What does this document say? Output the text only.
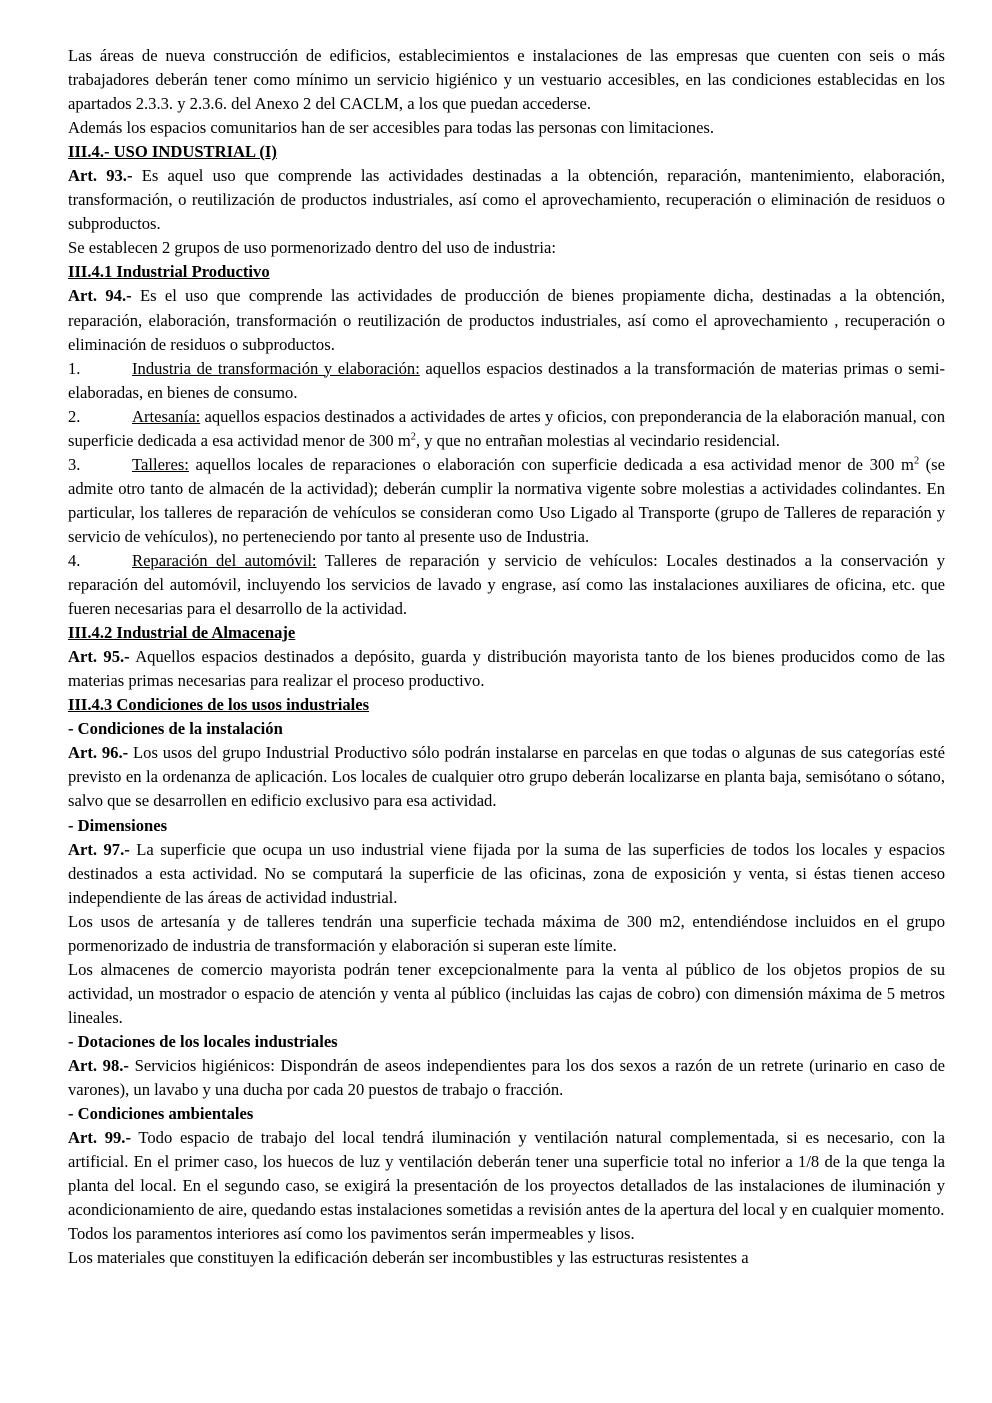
Las áreas de nueva construcción de edificios, establecimientos e instalaciones de las empresas que cuenten con seis o más trabajadores deberán tener como mínimo un servicio higiénico y un vestuario accesibles, en las condiciones establecidas en los apartados 2.3.3. y 2.3.6. del Anexo 2 del CACLM, a los que puedan accederse.

Además los espacios comunitarios han de ser accesibles para todas las personas con limitaciones.

III.4.- USO INDUSTRIAL (I)

Art. 93.- Es aquel uso que comprende las actividades destinadas a la obtención, reparación, mantenimiento, elaboración, transformación, o reutilización de productos industriales, así como el aprovechamiento, recuperación o eliminación de residuos o subproductos.

Se establecen 2 grupos de uso pormenorizado dentro del uso de industria:

III.4.1 Industrial Productivo

Art. 94.- Es el uso que comprende las actividades de producción de bienes propiamente dicha, destinadas a la obtención, reparación, elaboración, transformación o reutilización de productos industriales, así como el aprovechamiento , recuperación o eliminación de residuos o subproductos.

1.	Industria de transformación y elaboración: aquellos espacios destinados a la transformación de materias primas o semi-elaboradas, en bienes de consumo.

2.	Artesanía: aquellos espacios destinados a actividades de artes y oficios, con preponderancia de la elaboración manual, con superficie dedicada a esa actividad menor de 300 $m^2$, y que no entrañan molestias al vecindario residencial.

3.	Talleres: aquellos locales de reparaciones o elaboración con superficie dedicada a esa actividad menor de 300 $m^2$ (se admite otro tanto de almacén de la actividad); deberán cumplir la normativa vigente sobre molestias a actividades colindantes. En particular, los talleres de reparación de vehículos se consideran como Uso Ligado al Transporte (grupo de Talleres de reparación y servicio de vehículos), no perteneciendo por tanto al presente uso de Industria.

4.	Reparación del automóvil: Talleres de reparación y servicio de vehículos: Locales destinados a la conservación y reparación del automóvil, incluyendo los servicios de lavado y engrase, así como las instalaciones auxiliares de oficina, etc. que fueren necesarias para el desarrollo de la actividad.

III.4.2 Industrial de Almacenaje

Art. 95.- Aquellos espacios destinados a depósito, guarda y distribución mayorista tanto de los bienes producidos como de las materias primas necesarias para realizar el proceso productivo.

III.4.3 Condiciones de los usos industriales

- Condiciones de la instalación

Art. 96.- Los usos del grupo Industrial Productivo sólo podrán instalarse en parcelas en que todas o algunas de sus categorías esté previsto en la ordenanza de aplicación. Los locales de cualquier otro grupo deberán localizarse en planta baja, semisótano o sótano, salvo que se desarrollen en edificio exclusivo para esa actividad.

- Dimensiones

Art. 97.- La superficie que ocupa un uso industrial viene fijada por la suma de las superficies de todos los locales y espacios destinados a esta actividad. No se computará la superficie de las oficinas, zona de exposición y venta, si éstas tienen acceso independiente de las áreas de actividad industrial.

Los usos de artesanía y de talleres tendrán una superficie techada máxima de 300 m2, entendiéndose incluidos en el grupo pormenorizado de industria de transformación y elaboración si superan este límite.

Los almacenes de comercio mayorista podrán tener excepcionalmente para la venta al público de los objetos propios de su actividad, un mostrador o espacio de atención y venta al público (incluidas las cajas de cobro) con dimensión máxima de 5 metros lineales.

- Dotaciones de los locales industriales

Art. 98.- Servicios higiénicos: Dispondrán de aseos independientes para los dos sexos a razón de un retrete (urinario en caso de varones), un lavabo y una ducha por cada 20 puestos de trabajo o fracción.

- Condiciones ambientales

Art. 99.- Todo espacio de trabajo del local tendrá iluminación y ventilación natural complementada, si es necesario, con la artificial. En el primer caso, los huecos de luz y ventilación deberán tener una superficie total no inferior a 1/8 de la que tenga la planta del local. En el segundo caso, se exigirá la presentación de los proyectos detallados de las instalaciones de iluminación y acondicionamiento de aire, quedando estas instalaciones sometidas a revisión antes de la apertura del local y en cualquier momento.

Todos los paramentos interiores así como los pavimentos serán impermeables y lisos.

Los materiales que constituyen la edificación deberán ser incombustibles y las estructuras resistentes a
